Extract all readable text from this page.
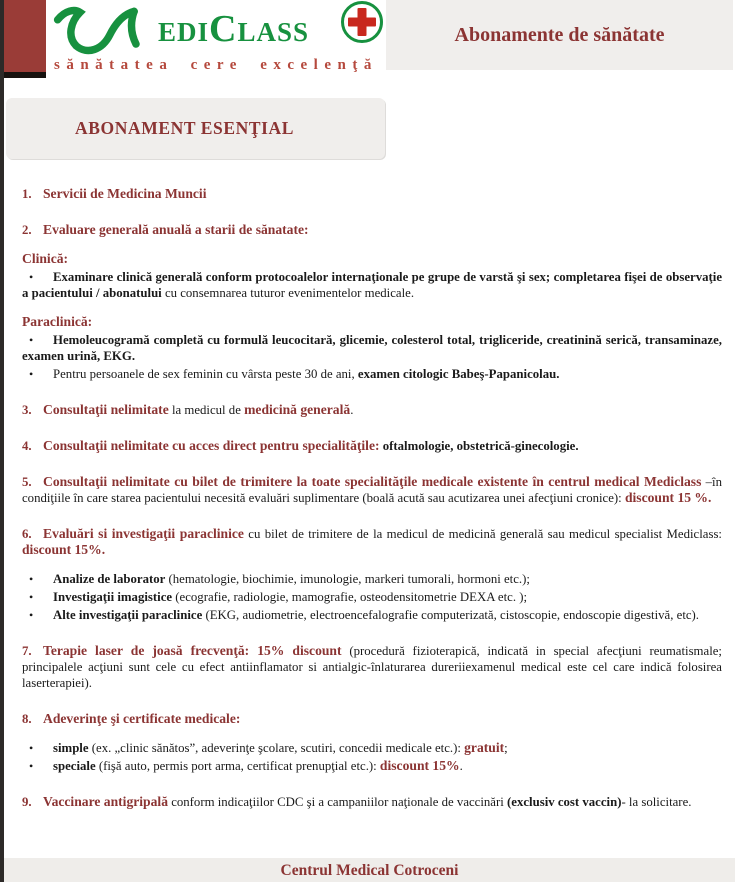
EDICLASS
sănătatea cere excelenţă
Abonamente de sănătate
ABONAMENT ESENŢIAL

1. Servicii de Medicina Muncii

2. Evaluare generală anuală a starii de sănatate:

Clinică:

• Examinare clinică generală conform protocoalelor internaţionale pe grupe de varstă şi sex; completarea fişei de observaţie a pacientului / abonatului cu consemnarea tuturor evenimentelor medicale.

Paraclinică:

• Hemoleucogramă completă cu formulă leucocitară, glicemie, colesterol total, trigliceride, creatinină serică, transaminaze, examen urină, EKG.

• Pentru persoanele de sex feminin cu vârsta peste 30 de ani, examen citologic Babeş-Papanicolau.

3. Consultaţii nelimitate la medicul de medicină generală.

4. Consultaţii nelimitate cu acces direct pentru specialităţile: oftalmologie, obstetrică-ginecologie.

5. Consultaţii nelimitate cu bilet de trimitere la toate specialităţile medicale existente în centrul medical Mediclass –în condiţiile în care starea pacientului necesită evaluări suplimentare (boală acută sau acutizarea unei afecţiuni cronice): discount 15 %.

6. Evaluări si investigaţii paraclinice cu bilet de trimitere de la medicul de medicină generală sau medicul specialist Mediclass: discount 15%.

• Analize de laborator (hematologie, biochimie, imunologie, markeri tumorali, hormoni etc.);

• Investigaţii imagistice (ecografie, radiologie, mamografie, osteodensitometrie DEXA etc. );

• Alte investigaţii paraclinice (EKG, audiometrie, electroencefalografie computerizată, cistoscopie, endoscopie digestivă, etc).

7. Terapie laser de joasă frecvenţă: 15% discount (procedură fizioterapică, indicată in special afecţiuni reumatismale; principalele acţiuni sunt cele cu efect antiinflamator si antialgic-înlaturarea dureriiexamenul medical este cel care indică folosirea laserterapiei).

8. Adeverinţe şi certificate medicale:

• simple (ex. „clinic sănătos”, adeverinţe şcolare, scutiri, concedii medicale etc.): gratuit;

• speciale (fişă auto, permis port arma, certificat prenupţial etc.): discount 15%.

9. Vaccinare antigripală conform indicaţiilor CDC şi a campaniilor naţionale de vaccinări (exclusiv cost vaccin)- la solicitare.

Centrul Medical Cotroceni
